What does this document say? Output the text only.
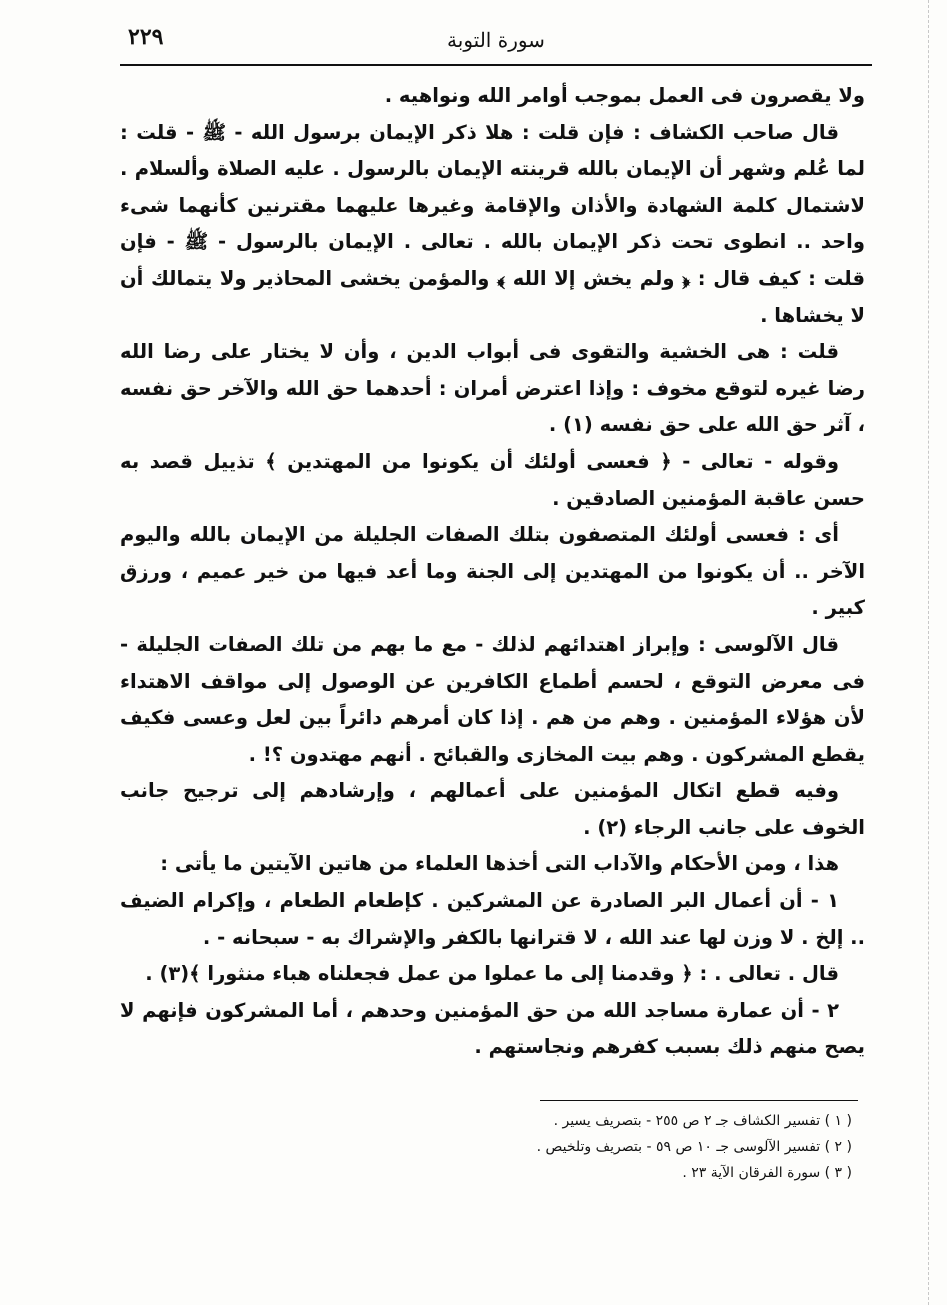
٢٢٩	سورة التوبة

ولا يقصرون فى العمل بموجب أوامر الله ونواهيه .

قال صاحب الكشاف : فإن قلت : هلا ذكر الإيمان برسول الله - ﷺ - قلت : لما عُلم وشهر أن الإيمان بالله قرينته الإيمان بالرسول . عليه الصلاة وألسلام . لاشتمال كلمة الشهادة والأذان والإقامة وغيرها عليهما مقترنين كأنهما شىء واحد .. انطوى تحت ذكر الإيمان بالله . تعالى . الإيمان بالرسول - ﷺ - فإن قلت : كيف قال : ﴿ ولم يخش إلا الله ﴾ والمؤمن يخشى المحاذير ولا يتمالك أن لا يخشاها .

قلت : هى الخشية والتقوى فى أبواب الدين ، وأن لا يختار على رضا الله رضا غيره لتوقع مخوف : وإذا اعترض أمران : أحدهما حق الله والآخر حق نفسه ، آثر حق الله على حق نفسه (١) .

وقوله - تعالى - ﴿ فعسى أولئك أن يكونوا من المهتدين ﴾ تذييل قصد به حسن عاقبة المؤمنين الصادقين .

أى : فعسى أولئك المتصفون بتلك الصفات الجليلة من الإيمان بالله واليوم الآخر .. أن يكونوا من المهتدين إلى الجنة وما أعد فيها من خير عميم ، ورزق كبير .

قال الآلوسى : وإبراز اهتدائهم لذلك - مع ما بهم من تلك الصفات الجليلة - فى معرض التوقع ، لحسم أطماع الكافرين عن الوصول إلى مواقف الاهتداء لأن هؤلاء المؤمنين . وهم من هم . إذا كان أمرهم دائراً بين لعل وعسى فكيف يقطع المشركون . وهم بيت المخازى والقبائح . أنهم مهتدون ؟! .

وفيه قطع اتكال المؤمنين على أعمالهم ، وإرشادهم إلى ترجيح جانب الخوف على جانب الرجاء (٢) .

هذا ، ومن الأحكام والآداب التى أخذها العلماء من هاتين الآيتين ما يأتى :

١ - أن أعمال البر الصادرة عن المشركين . كإطعام الطعام ، وإكرام الضيف .. إلخ . لا وزن لها عند الله ، لا قترانها بالكفر والإشراك به - سبحانه - .

قال . تعالى . : ﴿ وقدمنا إلى ما عملوا من عمل فجعلناه هباء منثورا ﴾(٣) .

٢ - أن عمارة مساجد الله من حق المؤمنين وحدهم ، أما المشركون فإنهم لا يصح منهم ذلك بسبب كفرهم ونجاستهم .

( ١ ) تفسير الكشاف جـ ٢ ص ٢٥٥ - بتصريف يسير .

( ٢ ) تفسير الآلوسى جـ ١٠ ص ٥٩ - بتصريف وتلخيص .

( ٣ ) سورة الفرقان الآية ٢٣ .
